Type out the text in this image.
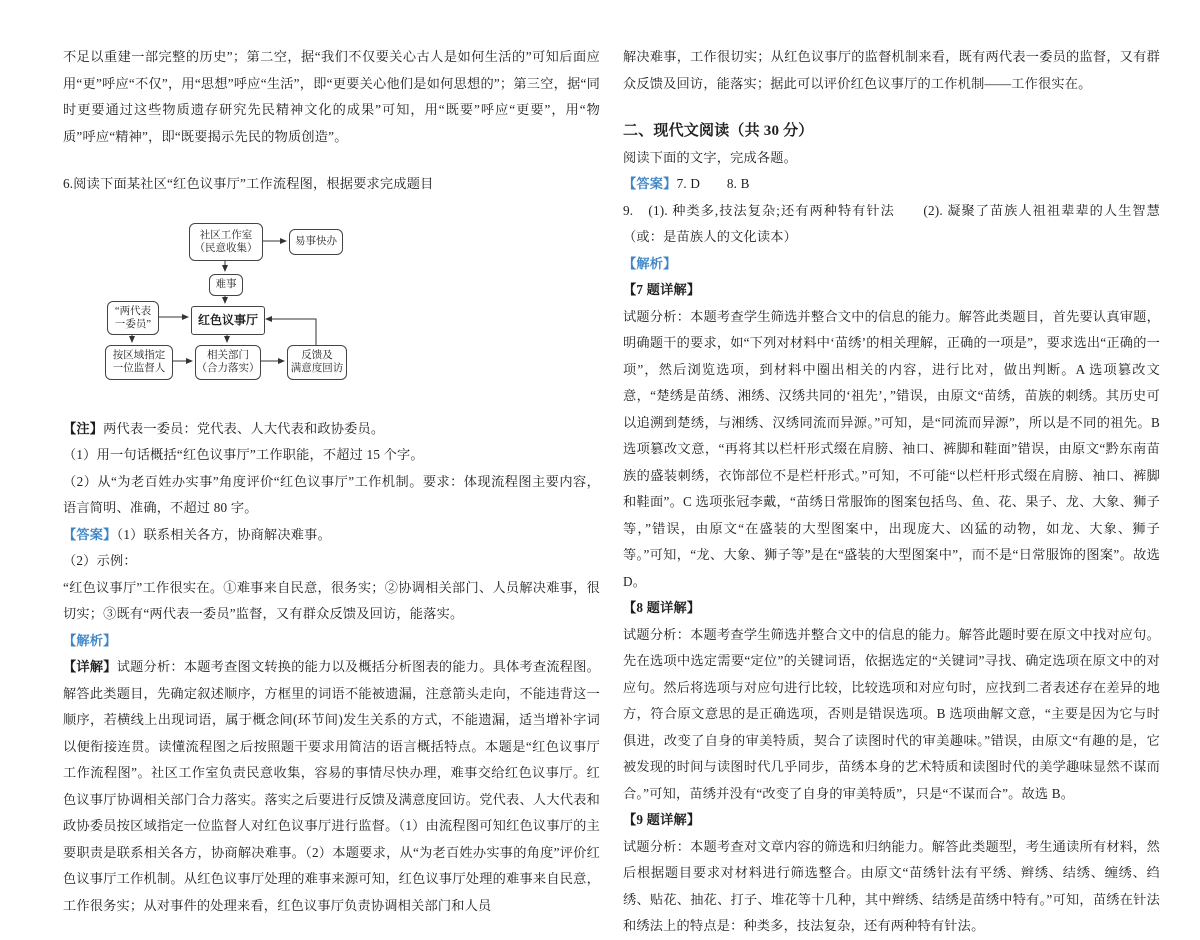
不足以重建一部完整的历史”；第二空，据“我们不仅要关心古人是如何生活的”可知后面应用“更”呼应“不仅”，用“思想”呼应“生活”，即“更要关心他们是如何思想的”；第三空，据“同时更要通过这些物质遗存研究先民精神文化的成果”可知，用“既要”呼应“更要”，用“物质”呼应“精神”，即“既要揭示先民的物质创造”。

6.阅读下面某社区“红色议事厅”工作流程图，根据要求完成题目

社区工作室
（民意收集）
易事快办
难事
红色议事厅
“两代表
一委员”
按区域指定
一位监督人
相关部门
（合力落实）
反馈及
满意度回访

【注】两代表一委员：党代表、人大代表和政协委员。

（1）用一句话概括“红色议事厅”工作职能，不超过 15 个字。

（2）从“为老百姓办实事”角度评价“红色议事厅”工作机制。要求：体现流程图主要内容，语言简明、准确，不超过 80 字。

【答案】（1）联系相关各方，协商解决难事。

（2）示例：

“红色议事厅”工作很实在。①难事来自民意，很务实；②协调相关部门、人员解决难事，很切实；③既有“两代表一委员”监督，又有群众反馈及回访，能落实。

【解析】

【详解】试题分析：本题考查图文转换的能力以及概括分析图表的能力。具体考查流程图。解答此类题目，先确定叙述顺序，方框里的词语不能被遗漏，注意箭头走向，不能违背这一顺序，若横线上出现词语，属于概念间(环节间)发生关系的方式，不能遗漏，适当增补字词以便衔接连贯。读懂流程图之后按照题干要求用简洁的语言概括特点。本题是“红色议事厅工作流程图”。社区工作室负责民意收集，容易的事情尽快办理，难事交给红色议事厅。红色议事厅协调相关部门合力落实。落实之后要进行反馈及满意度回访。党代表、人大代表和政协委员按区域指定一位监督人对红色议事厅进行监督。（1）由流程图可知红色议事厅的主要职责是联系相关各方，协商解决难事。（2）本题要求，从“为老百姓办实事的角度”评价红色议事厅工作机制。从红色议事厅处理的难事来源可知，红色议事厅处理的难事来自民意，工作很务实；从对事件的处理来看，红色议事厅负责协调相关部门和人员

解决难事，工作很切实；从红色议事厅的监督机制来看，既有两代表一委员的监督，又有群众反馈及回访，能落实；据此可以评价红色议事厅的工作机制——工作很实在。

二、现代文阅读（共 30 分）

阅读下面的文字，完成各题。

【答案】7. D　　8. B

9.　(1). 种类多,技法复杂;还有两种特有针法　　(2). 凝聚了苗族人祖祖辈辈的人生智慧（或：是苗族人的文化读本）

【解析】

【7 题详解】

试题分析：本题考查学生筛选并整合文中的信息的能力。解答此类题目，首先要认真审题，明确题干的要求，如“下列对材料中‘苗绣’的相关理解，正确的一项是”，要求选出“正确的一项”，然后浏览选项，到材料中圈出相关的内容，进行比对，做出判断。A 选项篡改文意，“楚绣是苗绣、湘绣、汉绣共同的‘祖先’，”错误，由原文“苗绣，苗族的刺绣。其历史可以追溯到楚绣，与湘绣、汉绣同流而异源。”可知，是“同流而异源”，所以是不同的祖先。B 选项篡改文意，“再将其以栏杆形式缀在肩膀、袖口、裤脚和鞋面”错误，由原文“黔东南苗族的盛装刺绣，衣饰部位不是栏杆形式。”可知，不可能“以栏杆形式缀在肩膀、袖口、裤脚和鞋面”。C 选项张冠李戴，“苗绣日常服饰的图案包括鸟、鱼、花、果子、龙、大象、狮子等，”错误，由原文“在盛装的大型图案中，出现庞大、凶猛的动物，如龙、大象、狮子等。”可知，“龙、大象、狮子等”是在“盛装的大型图案中”，而不是“日常服饰的图案”。故选 D。

【8 题详解】

试题分析：本题考查学生筛选并整合文中的信息的能力。解答此题时要在原文中找对应句。先在选项中选定需要“定位”的关键词语，依据选定的“关键词”寻找、确定选项在原文中的对应句。然后将选项与对应句进行比较，比较选项和对应句时，应找到二者表述存在差异的地方，符合原文意思的是正确选项，否则是错误选项。B 选项曲解文意，“主要是因为它与时俱进，改变了自身的审美特质，契合了读图时代的审美趣味。”错误，由原文“有趣的是，它被发现的时间与读图时代几乎同步，苗绣本身的艺术特质和读图时代的美学趣味显然不谋而合。”可知，苗绣并没有“改变了自身的审美特质”，只是“不谋而合”。故选 B。

【9 题详解】

试题分析：本题考查对文章内容的筛选和归纳能力。解答此类题型，考生通读所有材料，然后根据题目要求对材料进行筛选整合。由原文“苗绣针法有平绣、辫绣、结绣、缠绣、绉绣、贴花、抽花、打子、堆花等十几种，其中辫绣、结绣是苗绣中特有。”可知，苗绣在针法和绣法上的特点是：种类多，技法复杂，还有两种特有针法。
